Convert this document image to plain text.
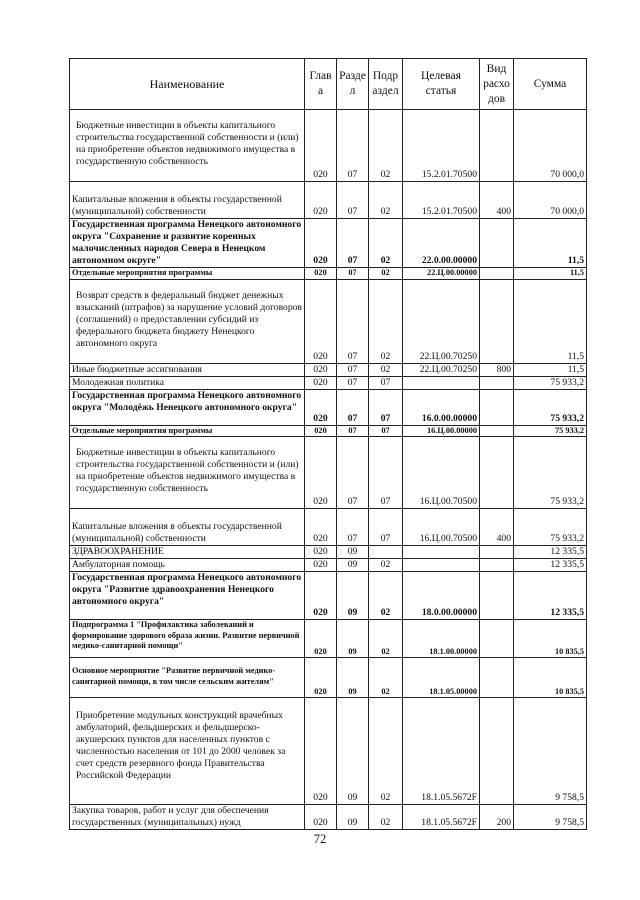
Наименование	Глав а	Разде л	Подр аздел	Целевая статья	Вид расхо дов	Сумма
Бюджетные инвестиции в объекты капитального строительства государственной собственности и (или) на приобретение объектов недвижимого имущества в государственную собственность	020	07	02	15.2.01.70500		70 000,0
Капитальные вложения в объекты государственной (муниципальной) собственности	020	07	02	15.2.01.70500	400	70 000,0
Государственная программа Ненецкого автономного округа "Сохранение и развитие коренных малочисленных народов Севера в Ненецком автономном округе"	020	07	02	22.0.00.00000		11,5
Отдельные мероприятия программы	020	07	02	22.Ц.00.00000		11,5
Возврат средств в федеральный бюджет денежных взысканий (штрафов) за нарушение условий договоров (соглашений) о предоставлении субсидий из федерального бюджета бюджету Ненецкого автономного округа	020	07	02	22.Ц.00.70250		11,5
Иные бюджетные ассигнования	020	07	02	22.Ц.00.70250	800	11,5
Молодежная политика	020	07	07			75 933,2
Государственная программа Ненецкого автономного округа "Молодёжь Ненецкого автономного округа"	020	07	07	16.0.00.00000		75 933,2
Отдельные мероприятия программы	020	07	07	16.Ц.00.00000		75 933,2
Бюджетные инвестиции в объекты капитального строительства государственной собственности и (или) на приобретение объектов недвижимого имущества в государственную собственность	020	07	07	16.Ц.00.70500		75 933,2
Капитальные вложения в объекты государственной (муниципальной) собственности	020	07	07	16.Ц.00.70500	400	75 933,2
ЗДРАВООХРАНЕНИЕ	020	09				12 335,5
Амбулаторная помощь	020	09	02			12 335,5
Государственная программа Ненецкого автономного округа "Развитие здравоохранения Ненецкого автономного округа"	020	09	02	18.0.00.00000		12 335,5
Подпрограмма 1 "Профилактика заболеваний и формирование здорового образа жизни. Развитие первичной медико-санитарной помощи"	020	09	02	18.1.00.00000		10 835,5
Основное мероприятие "Развитие первичной медико-санитарной помощи, в том числе сельским жителям"	020	09	02	18.1.05.00000		10 835,5
Приобретение модульных конструкций врачебных амбулаторий, фельдшерских и фельдшерско-акушерских пунктов для населенных пунктов с численностью населения от 101 до 2000 человек за счет средств резервного фонда Правительства Российской Федерации	020	09	02	18.1.05.5672F		9 758,5
Закупка товаров, работ и услуг для обеспечения государственных (муниципальных) нужд	020	09	02	18.1.05.5672F	200	9 758,5
72
